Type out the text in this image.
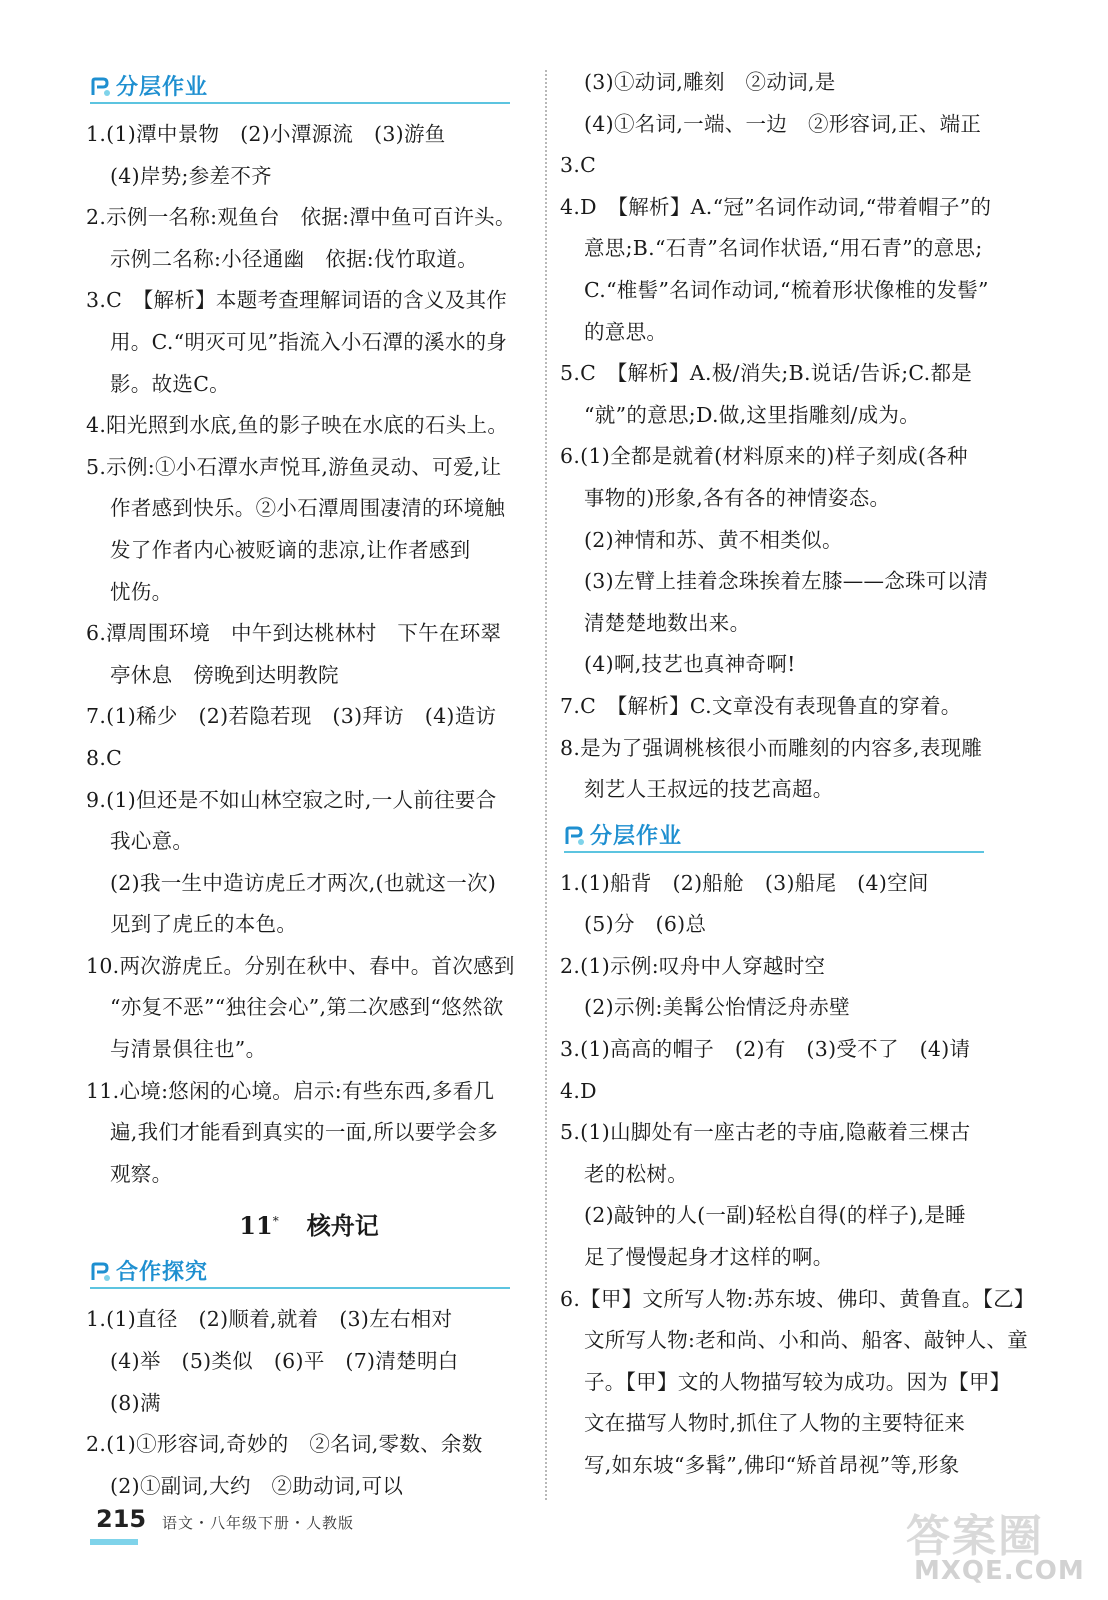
分层作业
1.(1)潭中景物　(2)小潭源流　(3)游鱼
(4)岸势;参差不齐
2.示例一名称:观鱼台　依据:潭中鱼可百许头。
示例二名称:小径通幽　依据:伐竹取道。
3.C　【解析】本题考查理解词语的含义及其作
用。C.“明灭可见”指流入小石潭的溪水的身
影。故选C。
4.阳光照到水底,鱼的影子映在水底的石头上。
5.示例:①小石潭水声悦耳,游鱼灵动、可爱,让
作者感到快乐。②小石潭周围凄清的环境触
发了作者内心被贬谪的悲凉,让作者感到
忧伤。
6.潭周围环境　中午到达桃林村　下午在环翠
亭休息　傍晚到达明教院
7.(1)稀少　(2)若隐若现　(3)拜访　(4)造访
8.C
9.(1)但还是不如山林空寂之时,一人前往要合
我心意。
(2)我一生中造访虎丘才两次,(也就这一次)
见到了虎丘的本色。
10.两次游虎丘。分别在秋中、春中。首次感到
“亦复不恶”“独往会心”,第二次感到“悠然欲
与清景俱往也”。
11.心境:悠闲的心境。启示:有些东西,多看几
遍,我们才能看到真实的一面,所以要学会多
观察。
11* 核舟记
合作探究
1.(1)直径　(2)顺着,就着　(3)左右相对
(4)举　(5)类似　(6)平　(7)清楚明白
(8)满
2.(1)①形容词,奇妙的　②名词,零数、余数
(2)①副词,大约　②助动词,可以
(3)①动词,雕刻　②动词,是
(4)①名词,一端、一边　②形容词,正、端正
3.C
4.D　【解析】A.“冠”名词作动词,“带着帽子”的
意思;B.“石青”名词作状语,“用石青”的意思;
C.“椎髻”名词作动词,“梳着形状像椎的发髻”
的意思。
5.C　【解析】A.极/消失;B.说话/告诉;C.都是
“就”的意思;D.做,这里指雕刻/成为。
6.(1)全都是就着(材料原来的)样子刻成(各种
事物的)形象,各有各的神情姿态。
(2)神情和苏、黄不相类似。
(3)左臂上挂着念珠挨着左膝——念珠可以清
清楚楚地数出来。
(4)啊,技艺也真神奇啊!
7.C　【解析】C.文章没有表现鲁直的穿着。
8.是为了强调桃核很小而雕刻的内容多,表现雕
刻艺人王叔远的技艺高超。
分层作业
1.(1)船背　(2)船舱　(3)船尾　(4)空间
(5)分　(6)总
2.(1)示例:叹舟中人穿越时空
(2)示例:美髯公怡情泛舟赤壁
3.(1)高高的帽子　(2)有　(3)受不了　(4)请
4.D
5.(1)山脚处有一座古老的寺庙,隐蔽着三棵古
老的松树。
(2)敲钟的人(一副)轻松自得(的样子),是睡
足了慢慢起身才这样的啊。
6.【甲】文所写人物:苏东坡、佛印、黄鲁直。【乙】
文所写人物:老和尚、小和尚、船客、敲钟人、童
子。【甲】文的人物描写较为成功。因为【甲】
文在描写人物时,抓住了人物的主要特征来
写,如东坡“多髯”,佛印“矫首昂视”等,形象
215 语文・八年级下册・人教版	答案圈
MXQE.COM
